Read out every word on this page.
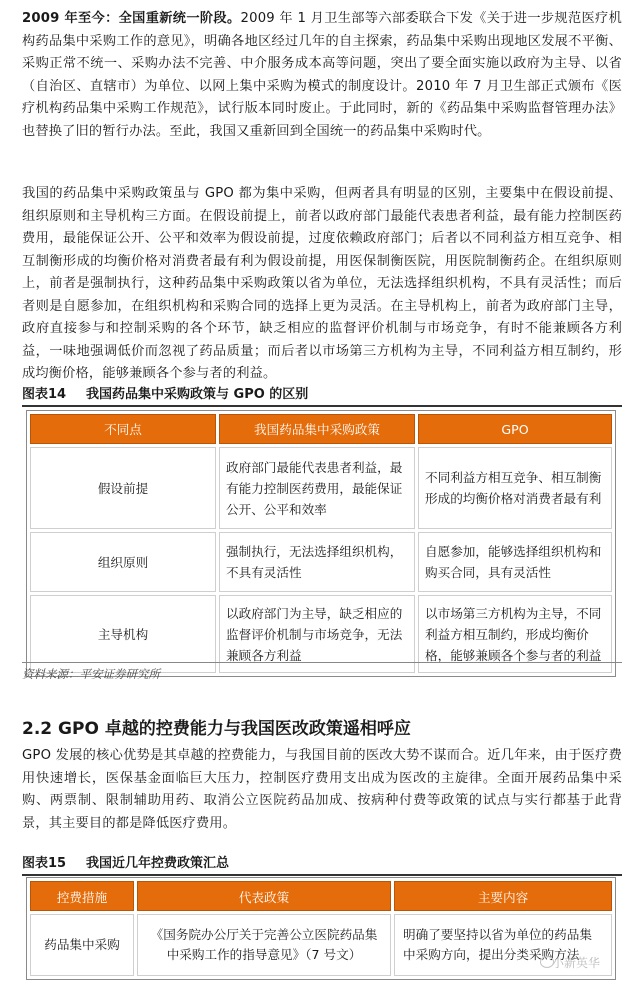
2009 年至今：全国重新统一阶段。2009 年 1 月卫生部等六部委联合下发《关于进一步规范医疗机构药品集中采购工作的意见》，明确各地区经过几年的自主探索，药品集中采购出现地区发展不平衡、采购正常不统一、采购办法不完善、中介服务成本高等问题，突出了要全面实施以政府为主导、以省（自治区、直辖市）为单位、以网上集中采购为模式的制度设计。2010 年 7 月卫生部正式颁布《医疗机构药品集中采购工作规范》，试行版本同时废止。于此同时，新的《药品集中采购监督管理办法》也替换了旧的暂行办法。至此，我国又重新回到全国统一的药品集中采购时代。
我国的药品集中采购政策虽与 GPO 都为集中采购，但两者具有明显的区别，主要集中在假设前提、组织原则和主导机构三方面。在假设前提上，前者以政府部门最能代表患者利益，最有能力控制医药费用，最能保证公开、公平和效率为假设前提，过度依赖政府部门；后者以不同利益方相互竞争、相互制衡形成的均衡价格对消费者最有利为假设前提，用医保制衡医院，用医院制衡药企。在组织原则上，前者是强制执行，这种药品集中采购政策以省为单位，无法选择组织机构，不具有灵活性；而后者则是自愿参加，在组织机构和采购合同的选择上更为灵活。在主导机构上，前者为政府部门主导，政府直接参与和控制采购的各个环节，缺乏相应的监督评价机制与市场竞争，有时不能兼顾各方利益，一味地强调低价而忽视了药品质量；而后者以市场第三方机构为主导，不同利益方相互制约，形成均衡价格，能够兼顾各个参与者的利益。
图表14 我国药品集中采购政策与 GPO 的区别
不同点	我国药品集中采购政策	GPO
假设前提	政府部门最能代表患者利益，最有能力控制医药费用，最能保证公开、公平和效率	不同利益方相互竞争、相互制衡形成的均衡价格对消费者最有利
组织原则	强制执行，无法选择组织机构，不具有灵活性	自愿参加，能够选择组织机构和购买合同，具有灵活性
主导机构	以政府部门为主导，缺乏相应的监督评价机制与市场竞争，无法兼顾各方利益	以市场第三方机构为主导，不同利益方相互制约，形成均衡价格，能够兼顾各个参与者的利益
资料来源：平安证券研究所
2.2 GPO 卓越的控费能力与我国医改政策遥相呼应
GPO 发展的核心优势是其卓越的控费能力，与我国目前的医改大势不谋而合。近几年来，由于医疗费用快速增长，医保基金面临巨大压力，控制医疗费用支出成为医改的主旋律。全面开展药品集中采购、两票制、限制辅助用药、取消公立医院药品加成、按病种付费等政策的试点与实行都基于此背景，其主要目的都是降低医疗费用。
图表15 我国近几年控费政策汇总
控费措施	代表政策	主要内容
药品集中采购	《国务院办公厅关于完善公立医院药品集中采购工作的指导意见》（7 号文）	明确了要坚持以省为单位的药品集中采购方向，提出分类采购方法
小新英华
